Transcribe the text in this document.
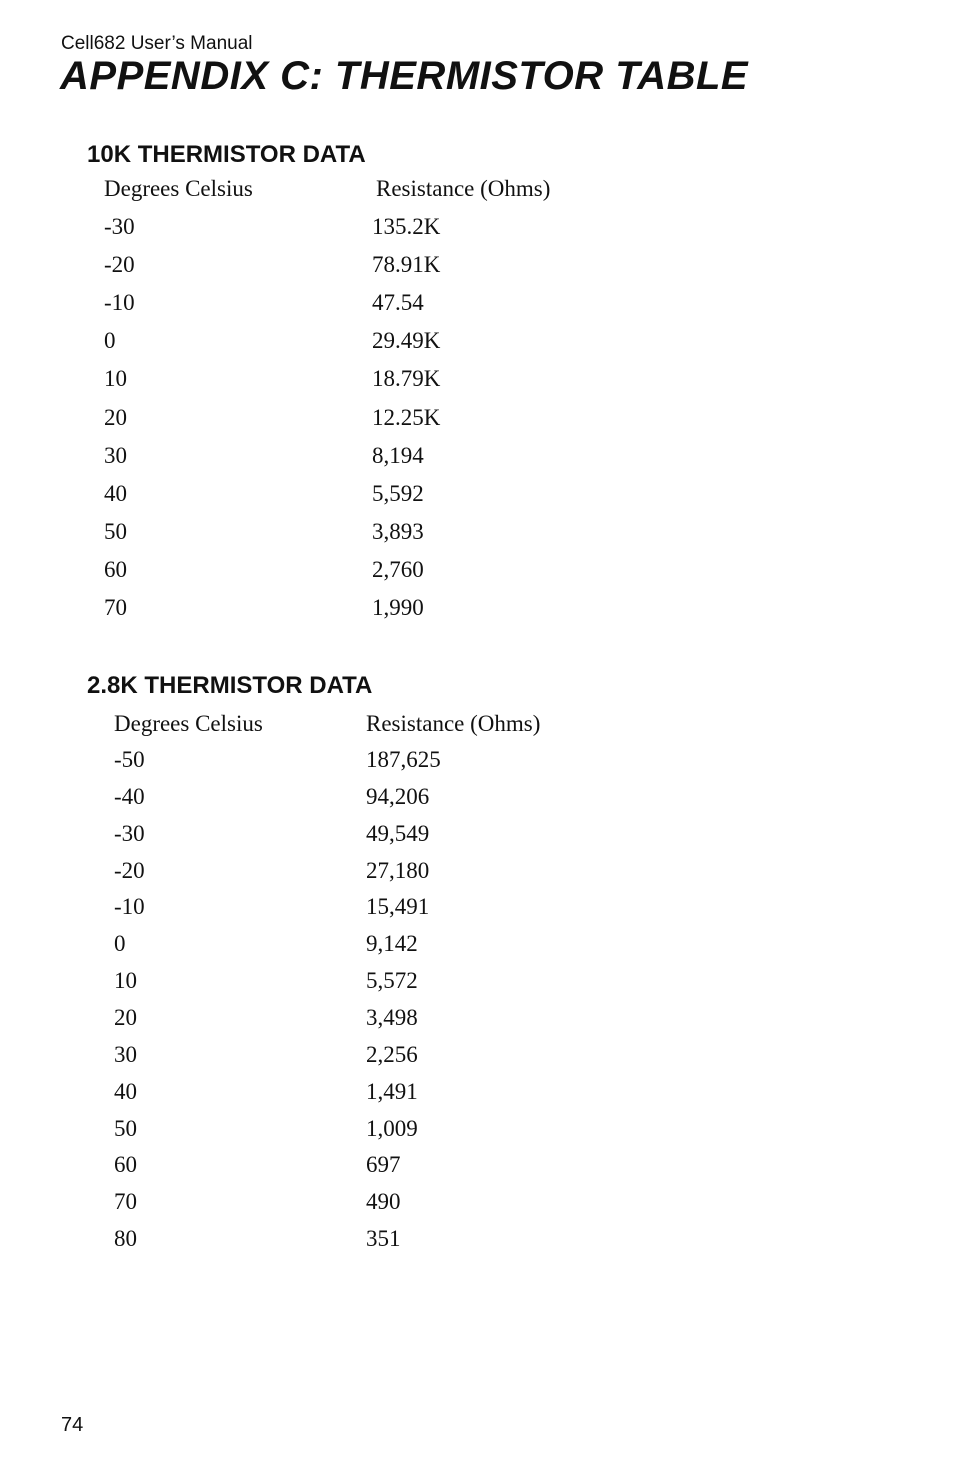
Cell682 User’s Manual
APPENDIX C: THERMISTOR TABLE
10K THERMISTOR DATA
Degrees Celsius	Resistance (Ohms)
-30	135.2K
-20	78.91K
-10	47.54
0	29.49K
10	18.79K
20	12.25K
30	8,194
40	5,592
50	3,893
60	2,760
70	1,990
2.8K THERMISTOR DATA
Degrees Celsius	Resistance (Ohms)
-50	187,625
-40	94,206
-30	49,549
-20	27,180
-10	15,491
0	9,142
10	5,572
20	3,498
30	2,256
40	1,491
50	1,009
60	697
70	490
80	351
74
